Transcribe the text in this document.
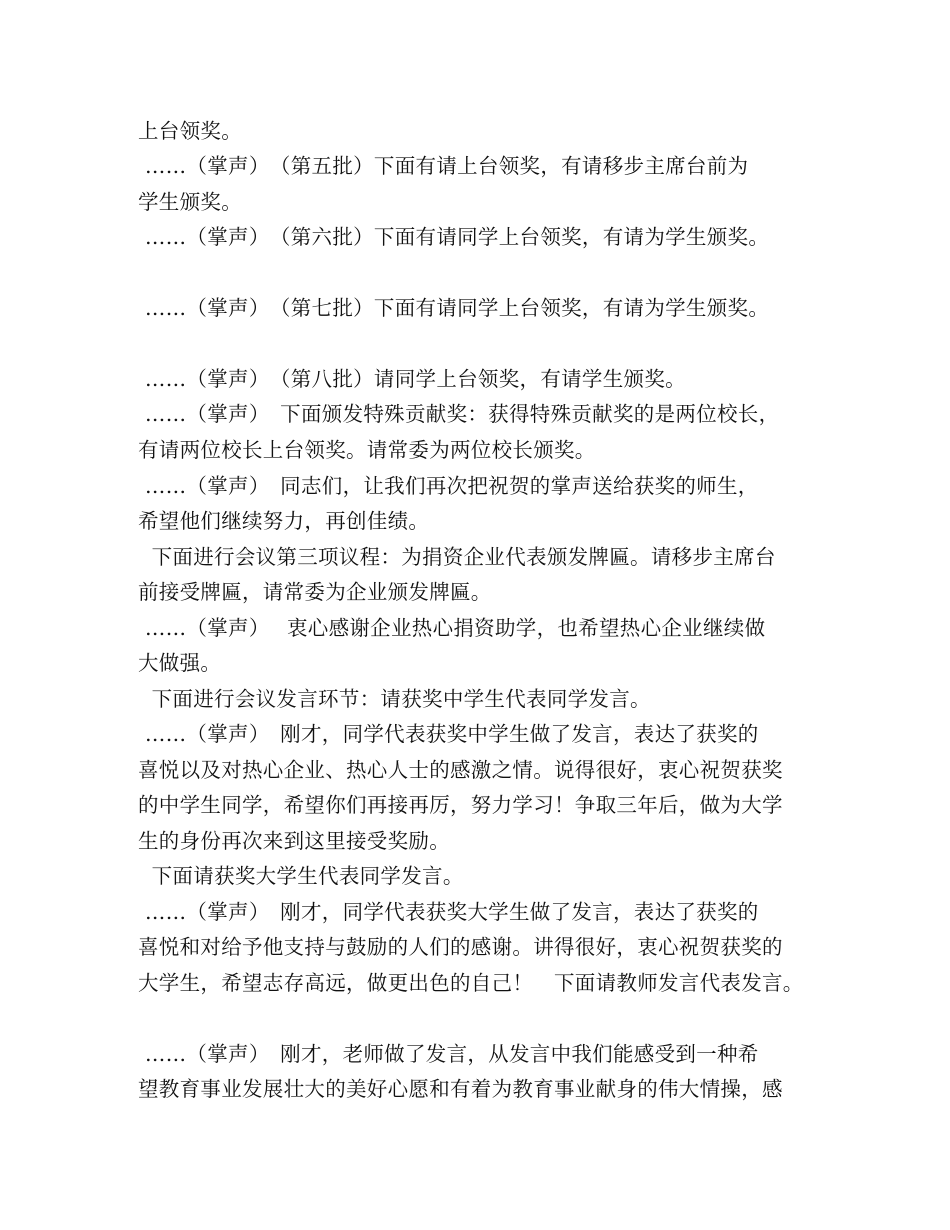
上台领奖。
……（掌声）　（第五批）下面有请上台领奖，有请移步主席台前为
学生颁奖。
……（掌声）　（第六批）下面有请同学上台领奖，有请为学生颁奖。
……（掌声）　（第七批）下面有请同学上台领奖，有请为学生颁奖。
……（掌声）　（第八批）请同学上台领奖，有请学生颁奖。
……（掌声）　下面颁发特殊贡献奖：获得特殊贡献奖的是两位校长，
有请两位校长上台领奖。请常委为两位校长颁奖。
……（掌声）　同志们，让我们再次把祝贺的掌声送给获奖的师生，
希望他们继续努力，再创佳绩。
下面进行会议第三项议程：为捐资企业代表颁发牌匾。请移步主席台
前接受牌匾，请常委为企业颁发牌匾。
……（掌声）　 衷心感谢企业热心捐资助学，也希望热心企业继续做
大做强。
下面进行会议发言环节：请获奖中学生代表同学发言。
……（掌声）　刚才，同学代表获奖中学生做了发言，表达了获奖的
喜悦以及对热心企业、热心人士的感激之情。说得很好，衷心祝贺获奖
的中学生同学，希望你们再接再厉，努力学习！争取三年后，做为大学
生的身份再次来到这里接受奖励。
下面请获奖大学生代表同学发言。
……（掌声）　刚才，同学代表获奖大学生做了发言，表达了获奖的
喜悦和对给予他支持与鼓励的人们的感谢。讲得很好，衷心祝贺获奖的
大学生，希望志存高远，做更出色的自己！　下面请教师发言代表发言。
……（掌声）　刚才，老师做了发言，从发言中我们能感受到一种希
望教育事业发展壮大的美好心愿和有着为教育事业献身的伟大情操，感
